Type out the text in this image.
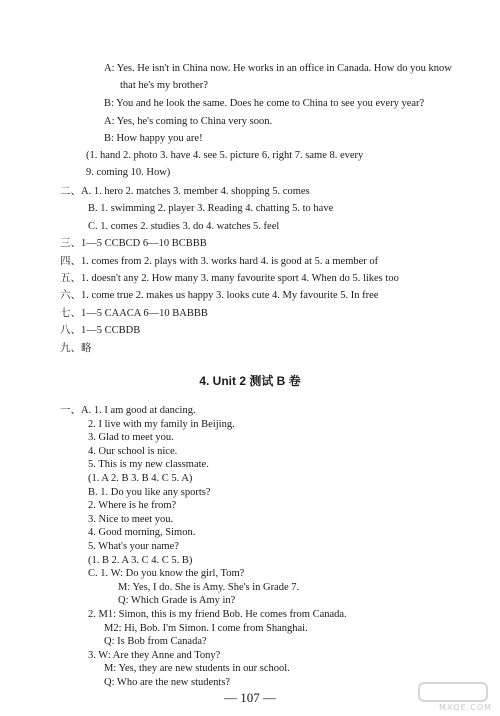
A: Yes. He isn't in China now. He works in an office in Canada. How do you know
that he's my brother?
B: You and he look the same. Does he come to China to see you every year?
A: Yes, he's coming to China very soon.
B: How happy you are!
(1. hand 2. photo 3. have 4. see 5. picture 6. right 7. same 8. every
9. coming 10. How)
二、A. 1. hero 2. matches 3. member 4. shopping 5. comes
B. 1. swimming 2. player 3. Reading 4. chatting 5. to have
C. 1. comes 2. studies 3. do 4. watches 5. feel
三、1—5 CCBCD 6—10 BCBBB
四、1. comes from 2. plays with 3. works hard 4. is good at 5. a member of
五、1. doesn't any 2. How many 3. many favourite sport 4. When do 5. likes too
六、1. come true 2. makes us happy 3. looks cute 4. My favourite 5. In free
七、1—5 CAACA 6—10 BABBB
八、1—5 CCBDB
九、略
4. Unit 2 测试 B 卷
一、A. 1. I am good at dancing.
2. I live with my family in Beijing.
3. Glad to meet you.
4. Our school is nice.
5. This is my new classmate.
(1. A 2. B 3. B 4. C 5. A)
B. 1. Do you like any sports?
2. Where is he from?
3. Nice to meet you.
4. Good morning, Simon.
5. What's your name?
(1. B 2. A 3. C 4. C 5. B)
C. 1. W: Do you know the girl, Tom?
M: Yes, I do. She is Amy. She's in Grade 7.
Q: Which Grade is Amy in?
2. M1: Simon, this is my friend Bob. He comes from Canada.
M2: Hi, Bob. I'm Simon. I come from Shanghai.
Q: Is Bob from Canada?
3. W: Are they Anne and Tony?
M: Yes, they are new students in our school.
Q: Who are the new students?
— 107 —
MXQE.COM
